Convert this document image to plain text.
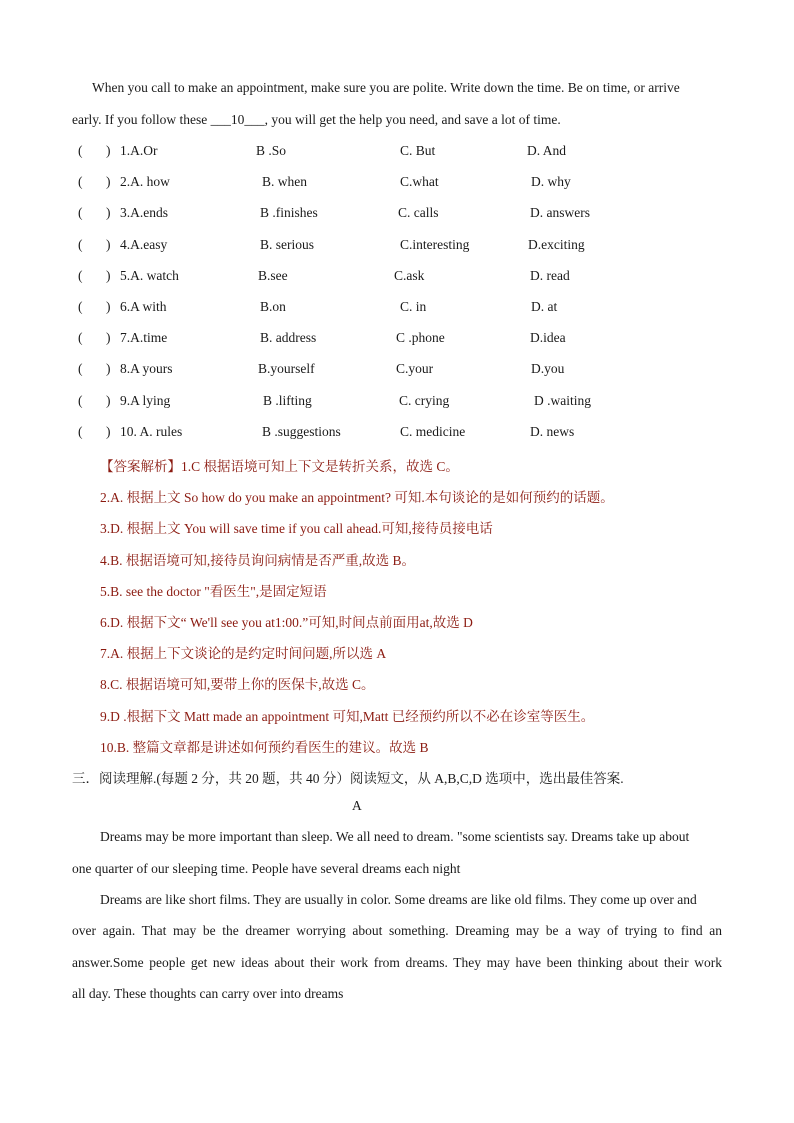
When you call to make an appointment, make sure you are polite. Write down the time. Be on time, or arrive
early. If you follow these ___10___, you will get the help you need, and save a lot of time.
( ) 1.A.Or	B .So	C. But	D. And
( ) 2.A. how	B. when	C.what	D. why
( ) 3.A.ends	B .finishes	C. calls	D. answers
( ) 4.A.easy	B. serious	C.interesting	D.exciting
( ) 5.A. watch	B.see	C.ask	D. read
( ) 6.A with	B.on	C. in	D. at
( ) 7.A.time	B. address	C .phone	D.idea
( ) 8.A yours	B.yourself	C.your	D.you
( ) 9.A lying	B .lifting	C. crying	D .waiting
( ) 10. A. rules	B .suggestions	C. medicine	D. news
【答案解析】1.C 根据语境可知上下文是转折关系，故选 C。
2.A. 根据上文 So how do you make an appointment? 可知.本句谈论的是如何预约的话题。
3.D. 根据上文 You will save time if you call ahead.可知,接待员接电话
4.B. 根据语境可知,接待员询问病情是否严重,故选 B。
5.B. see the doctor "看医生",是固定短语
6.D. 根据下文“ We'll see you at1:00.”可知,时间点前面用at,故选 D
7.A. 根据上下文谈论的是约定时间问题,所以选 A
8.C. 根据语境可知,要带上你的医保卡,故选 C。
9.D .根据下文 Matt made an appointment 可知,Matt 已经预约所以不必在诊室等医生。
10.B. 整篇文章都是讲述如何预约看医生的建议。故选 B
三．阅读理解.(每题 2 分，共 20 题，共 40 分）阅读短文，从 A,B,C,D 选项中，选出最佳答案.
A
Dreams may be more important than sleep. We all need to dream. "some scientists say. Dreams take up about
one quarter of our sleeping time. People have several dreams each night
Dreams are like short films. They are usually in color. Some dreams are like old films. They come up over and
over again. That may be the dreamer worrying about something. Dreaming may be a way of trying to find an
answer.Some people get new ideas about their work from dreams. They may have been thinking about their work
all day. These thoughts can carry over into dreams
